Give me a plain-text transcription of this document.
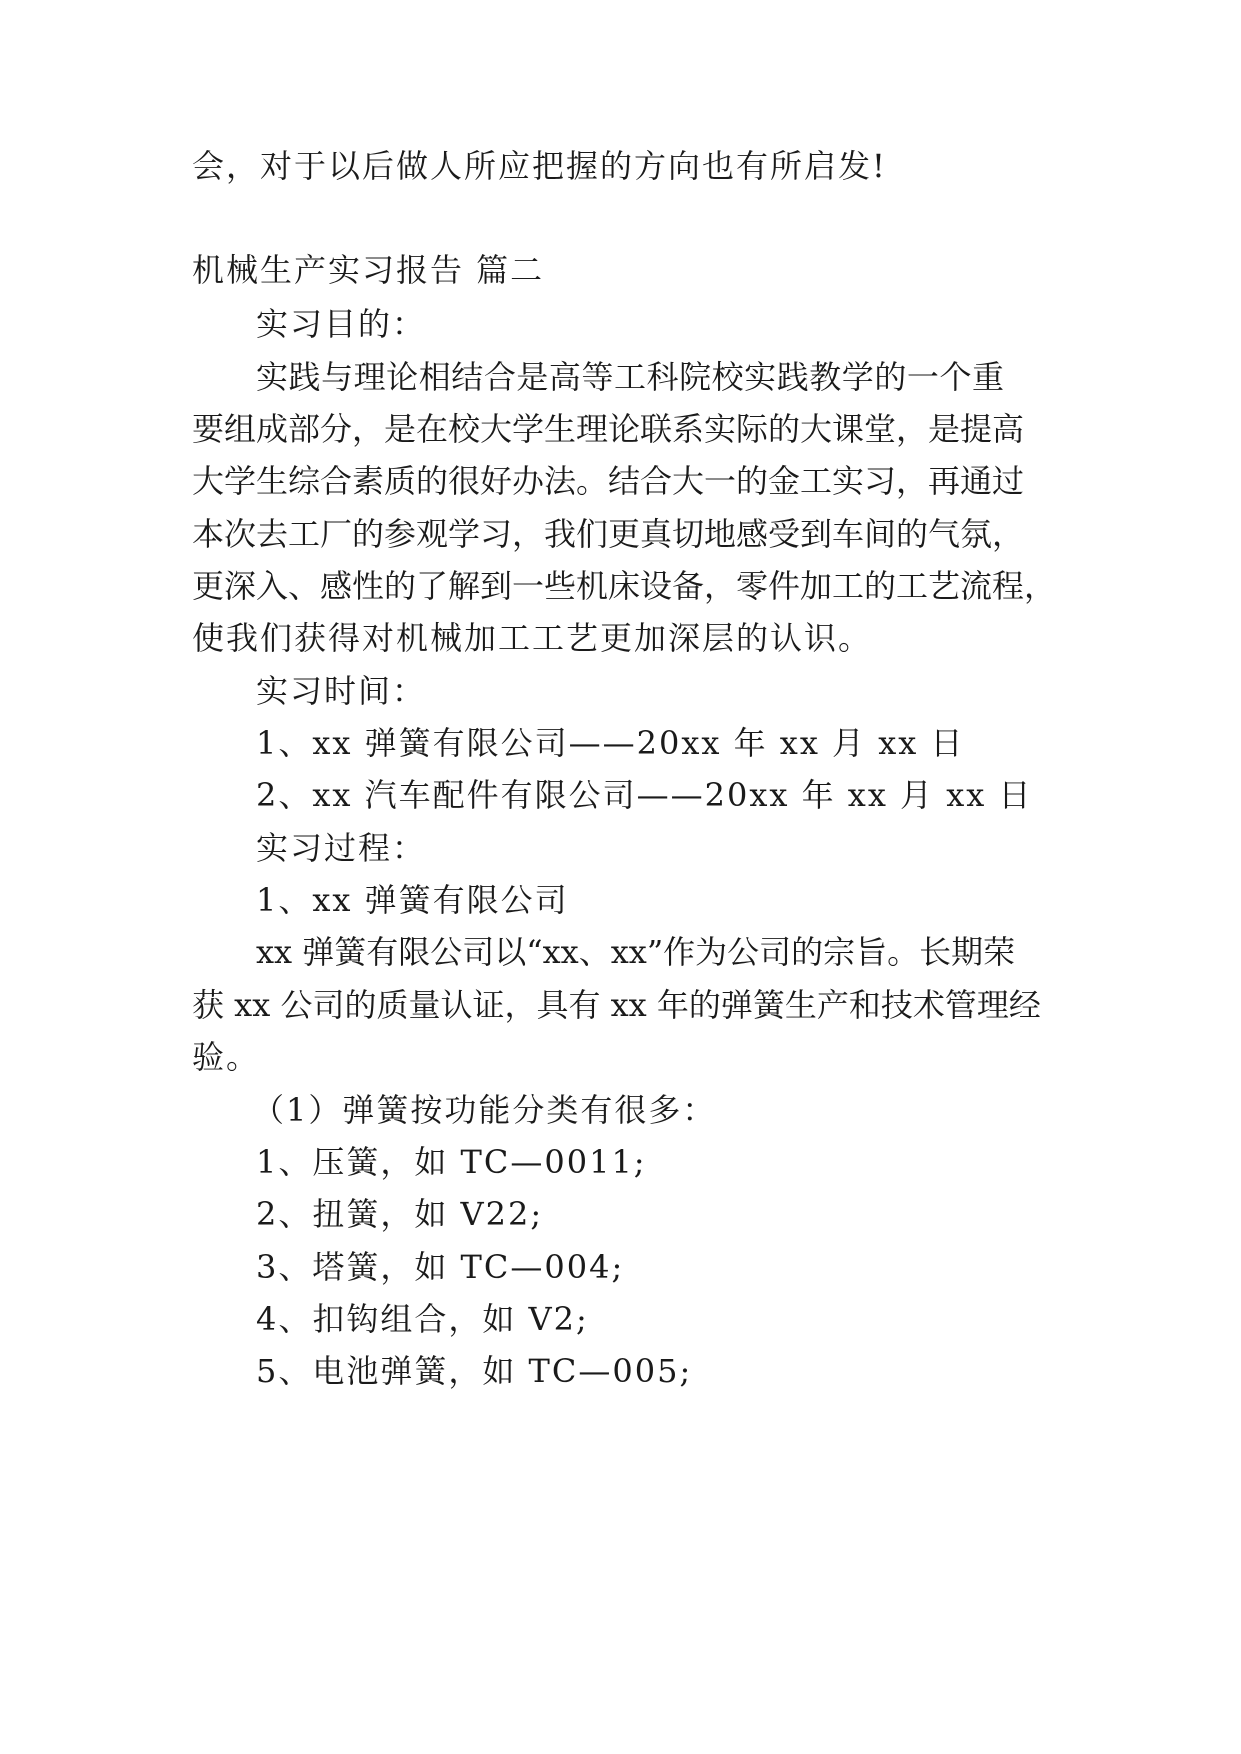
会，对于以后做人所应把握的方向也有所启发!
机械生产实习报告 篇二
实习目的：
实践与理论相结合是高等工科院校实践教学的一个重
要组成部分，是在校大学生理论联系实际的大课堂，是提高
大学生综合素质的很好办法。结合大一的金工实习，再通过
本次去工厂的参观学习，我们更真切地感受到车间的气氛，
更深入、感性的了解到一些机床设备，零件加工的工艺流程，
使我们获得对机械加工工艺更加深层的认识。
实习时间：
1、xx 弹簧有限公司——20xx 年 xx 月 xx 日
2、xx 汽车配件有限公司——20xx 年 xx 月 xx 日
实习过程：
1、xx 弹簧有限公司
xx 弹簧有限公司以“xx、xx”作为公司的宗旨。长期荣
获 xx 公司的质量认证，具有 xx 年的弹簧生产和技术管理经
验。
（1）弹簧按功能分类有很多：
1、压簧，如 TC—0011;
2、扭簧，如 V22;
3、塔簧，如 TC—004;
4、扣钩组合，如 V2;
5、电池弹簧，如 TC—005;
